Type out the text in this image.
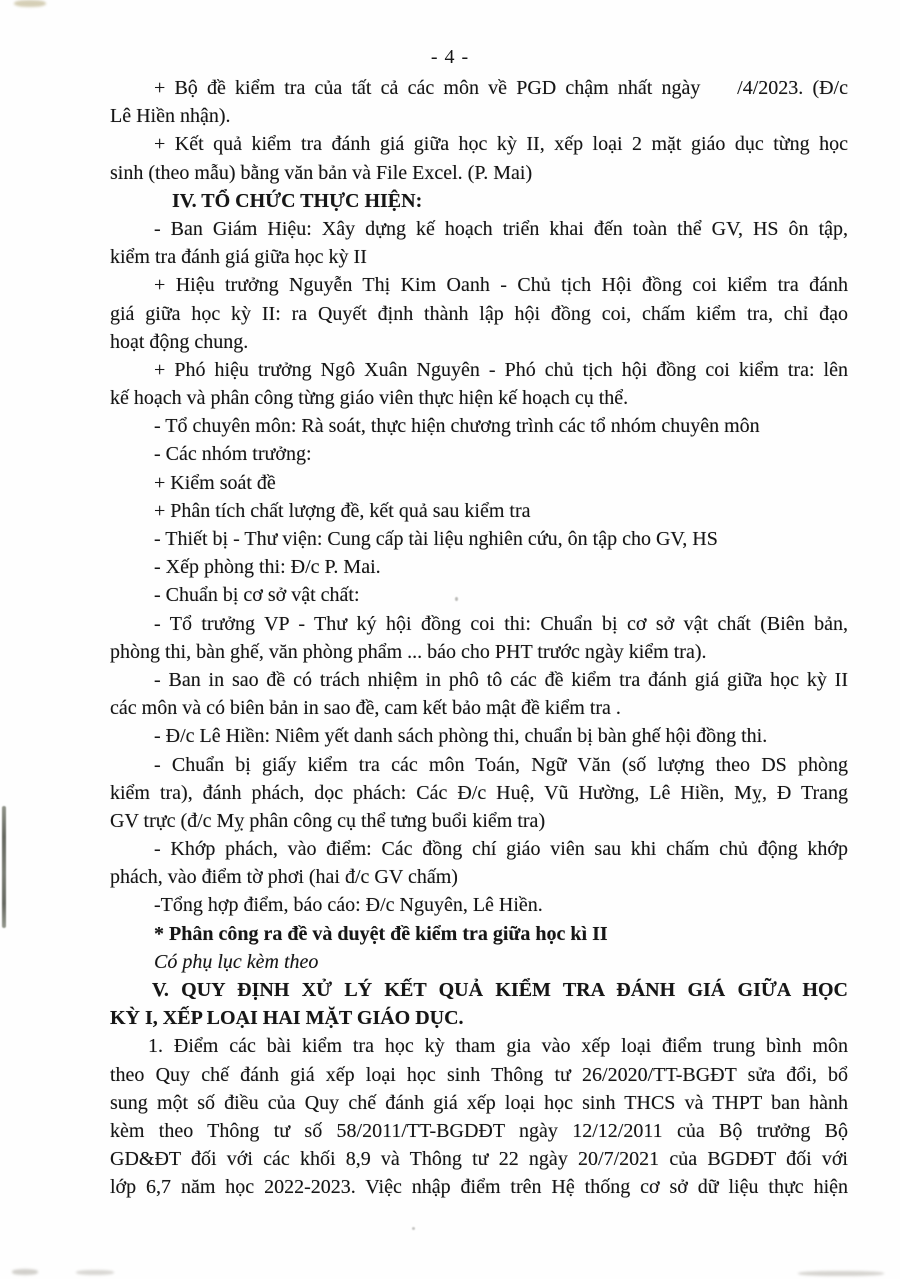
- 4 -
+ Bộ đề kiểm tra của tất cả các môn về PGD chậm nhất ngày    /4/2023. (Đ/c
Lê Hiền nhận).
+ Kết quả kiểm tra đánh giá giữa học kỳ II, xếp loại 2 mặt giáo dục từng học
sinh (theo mẫu) bằng văn bản và File Excel. (P. Mai)
IV. TỔ CHỨC THỰC HIỆN:
- Ban Giám Hiệu: Xây dựng kế hoạch triển khai đến toàn thể GV, HS ôn tập,
kiểm tra đánh giá giữa học kỳ II
+ Hiệu trưởng Nguyễn Thị Kim Oanh - Chủ tịch Hội đồng coi kiểm tra đánh
giá giữa học kỳ II: ra Quyết định thành lập hội đồng coi, chấm kiểm tra, chỉ đạo
hoạt động chung.
+ Phó hiệu trưởng Ngô Xuân Nguyên - Phó chủ tịch hội đồng coi kiểm tra: lên
kế hoạch và phân công từng giáo viên thực hiện kế hoạch cụ thể.
- Tổ chuyên môn: Rà soát, thực hiện chương trình các tổ nhóm chuyên môn
- Các nhóm trưởng:
+ Kiểm soát đề
+ Phân tích chất lượng đề, kết quả sau kiểm tra
- Thiết bị - Thư viện: Cung cấp tài liệu nghiên cứu, ôn tập cho GV, HS
- Xếp phòng thi: Đ/c P. Mai.
- Chuẩn bị cơ sở vật chất:
- Tổ trưởng VP - Thư ký hội đồng coi thi: Chuẩn bị cơ sở vật chất (Biên bản,
phòng thi, bàn ghế, văn phòng phẩm ... báo cho PHT trước ngày kiểm tra).
- Ban in sao đề có trách nhiệm in phô tô các đề kiểm tra đánh giá giữa học kỳ II
các môn và có biên bản in sao đề, cam kết bảo mật đề kiểm tra .
- Đ/c Lê Hiền: Niêm yết danh sách phòng thi, chuẩn bị bàn ghế hội đồng thi.
- Chuẩn bị giấy kiểm tra các môn Toán, Ngữ Văn (số lượng theo DS phòng
kiểm tra), đánh phách, dọc phách: Các Đ/c Huệ, Vũ Hường, Lê Hiền, Mỵ, Đ Trang
GV trực (đ/c Mỵ phân công cụ thể tưng buổi kiểm tra)
- Khớp phách, vào điểm: Các đồng chí giáo viên sau khi chấm chủ động khớp
phách, vào điểm tờ phơi (hai đ/c GV chấm)
-Tổng hợp điểm, báo cáo: Đ/c Nguyên, Lê Hiền.
* Phân công ra đề và duyệt đề kiểm tra giữa học kì II
Có phụ lục kèm theo
V. QUY ĐỊNH XỬ LÝ KẾT QUẢ KIỂM TRA ĐÁNH GIÁ GIỮA HỌC
KỲ I, XẾP LOẠI HAI MẶT GIÁO DỤC.
1. Điểm các bài kiểm tra học kỳ tham gia vào xếp loại điểm trung bình môn
theo Quy chế đánh giá xếp loại học sinh Thông tư 26/2020/TT-BGĐT sửa đổi, bổ
sung một số điều của Quy chế đánh giá xếp loại học sinh THCS và THPT ban hành
kèm theo Thông tư số 58/2011/TT-BGDĐT ngày 12/12/2011 của Bộ trưởng Bộ
GD&ĐT đối với các khối 8,9 và Thông tư 22 ngày 20/7/2021 của BGDĐT đối với
lớp 6,7 năm học 2022-2023. Việc nhập điểm trên Hệ thống cơ sở dữ liệu thực hiện
